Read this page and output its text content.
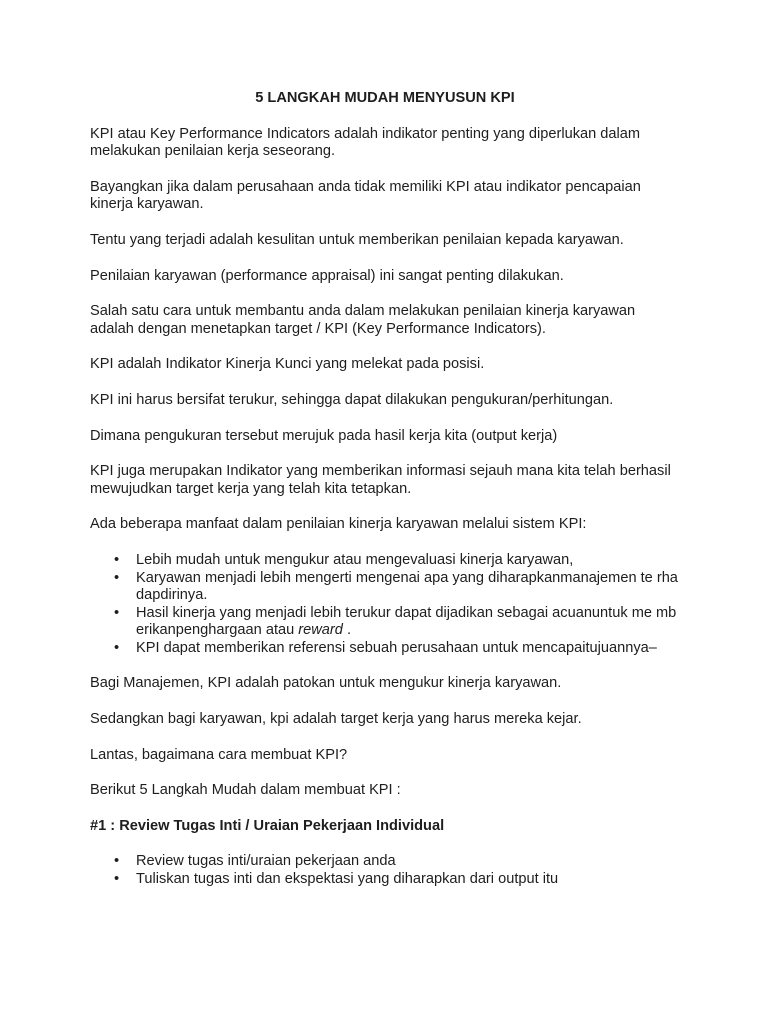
5 LANGKAH MUDAH MENYUSUN KPI
KPI atau Key Performance Indicators adalah indikator penting yang diperlukan dalam melakukan penilaian kerja seseorang.
Bayangkan jika dalam perusahaan anda tidak memiliki KPI atau indikator pencapaian kinerja karyawan.
Tentu yang terjadi adalah kesulitan untuk memberikan penilaian kepada karyawan.
Penilaian karyawan (performance appraisal) ini sangat penting dilakukan.
Salah satu cara untuk membantu anda dalam melakukan penilaian kinerja karyawan adalah dengan menetapkan target / KPI (Key Performance Indicators).
KPI adalah Indikator Kinerja Kunci yang melekat pada posisi.
KPI ini harus bersifat terukur, sehingga dapat dilakukan pengukuran/perhitungan.
Dimana pengukuran tersebut merujuk pada hasil kerja kita (output kerja)
KPI juga merupakan Indikator yang memberikan informasi sejauh mana kita telah berhasil mewujudkan target kerja yang telah kita tetapkan.
Ada beberapa manfaat dalam penilaian kinerja karyawan melalui sistem KPI:
• Lebih mudah untuk mengukur atau mengevaluasi kinerja karyawan,
• Karyawan menjadi lebih mengerti mengenai apa yang diharapkanmanajemen te rhadapdirinya.
• Hasil kinerja yang menjadi lebih terukur dapat dijadikan sebagai acuanuntuk me mberikanpenghargaan atau reward .
• KPI dapat memberikan referensi sebuah perusahaan untuk mencapaitujuannya–
Bagi Manajemen, KPI adalah patokan untuk mengukur kinerja karyawan.
Sedangkan bagi karyawan, kpi adalah target kerja yang harus mereka kejar.
Lantas, bagaimana cara membuat KPI?
Berikut 5 Langkah Mudah dalam membuat KPI :
#1 : Review Tugas Inti / Uraian Pekerjaan Individual
• Review tugas inti/uraian pekerjaan anda
• Tuliskan tugas inti dan ekspektasi yang diharapkan dari output itu
